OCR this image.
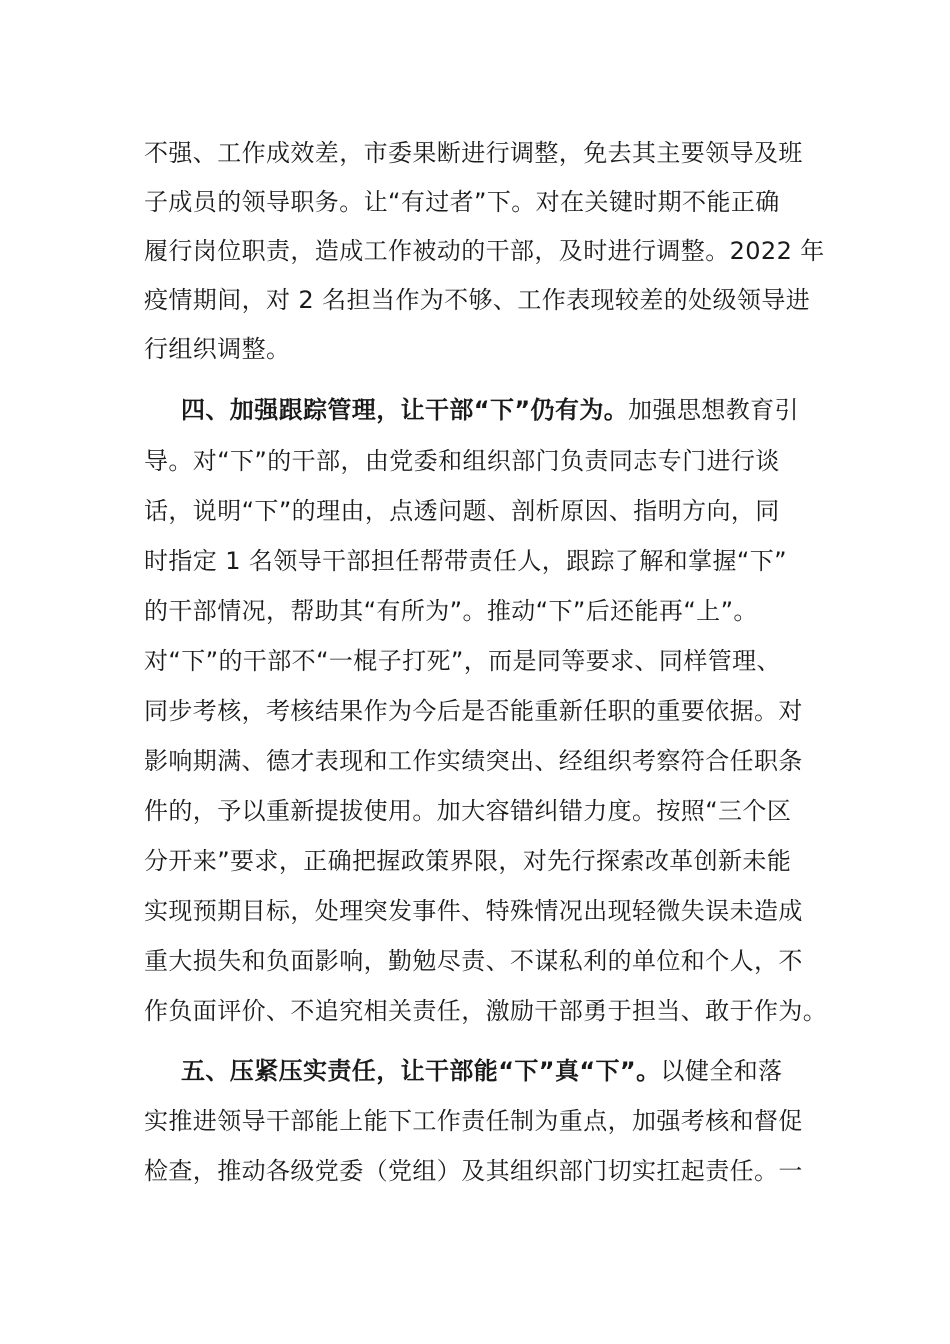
不强、工作成效差，市委果断进行调整，免去其主要领导及班
子成员的领导职务。让“有过者”下。对在关键时期不能正确
履行岗位职责，造成工作被动的干部，及时进行调整。2022 年
疫情期间，对 2 名担当作为不够、工作表现较差的处级领导进
行组织调整。
四、加强跟踪管理，让干部“下”仍有为。加强思想教育引
导。对“下”的干部，由党委和组织部门负责同志专门进行谈
话，说明“下”的理由，点透问题、剖析原因、指明方向，同
时指定 1 名领导干部担任帮带责任人，跟踪了解和掌握“下”
的干部情况，帮助其“有所为”。推动“下”后还能再“上”。
对“下”的干部不“一棍子打死”，而是同等要求、同样管理、
同步考核，考核结果作为今后是否能重新任职的重要依据。对
影响期满、德才表现和工作实绩突出、经组织考察符合任职条
件的，予以重新提拔使用。加大容错纠错力度。按照“三个区
分开来”要求，正确把握政策界限，对先行探索改革创新未能
实现预期目标，处理突发事件、特殊情况出现轻微失误未造成
重大损失和负面影响，勤勉尽责、不谋私利的单位和个人，不
作负面评价、不追究相关责任，激励干部勇于担当、敢于作为。
五、压紧压实责任，让干部能“下”真“下”。以健全和落
实推进领导干部能上能下工作责任制为重点，加强考核和督促
检查，推动各级党委（党组）及其组织部门切实扛起责任。一
